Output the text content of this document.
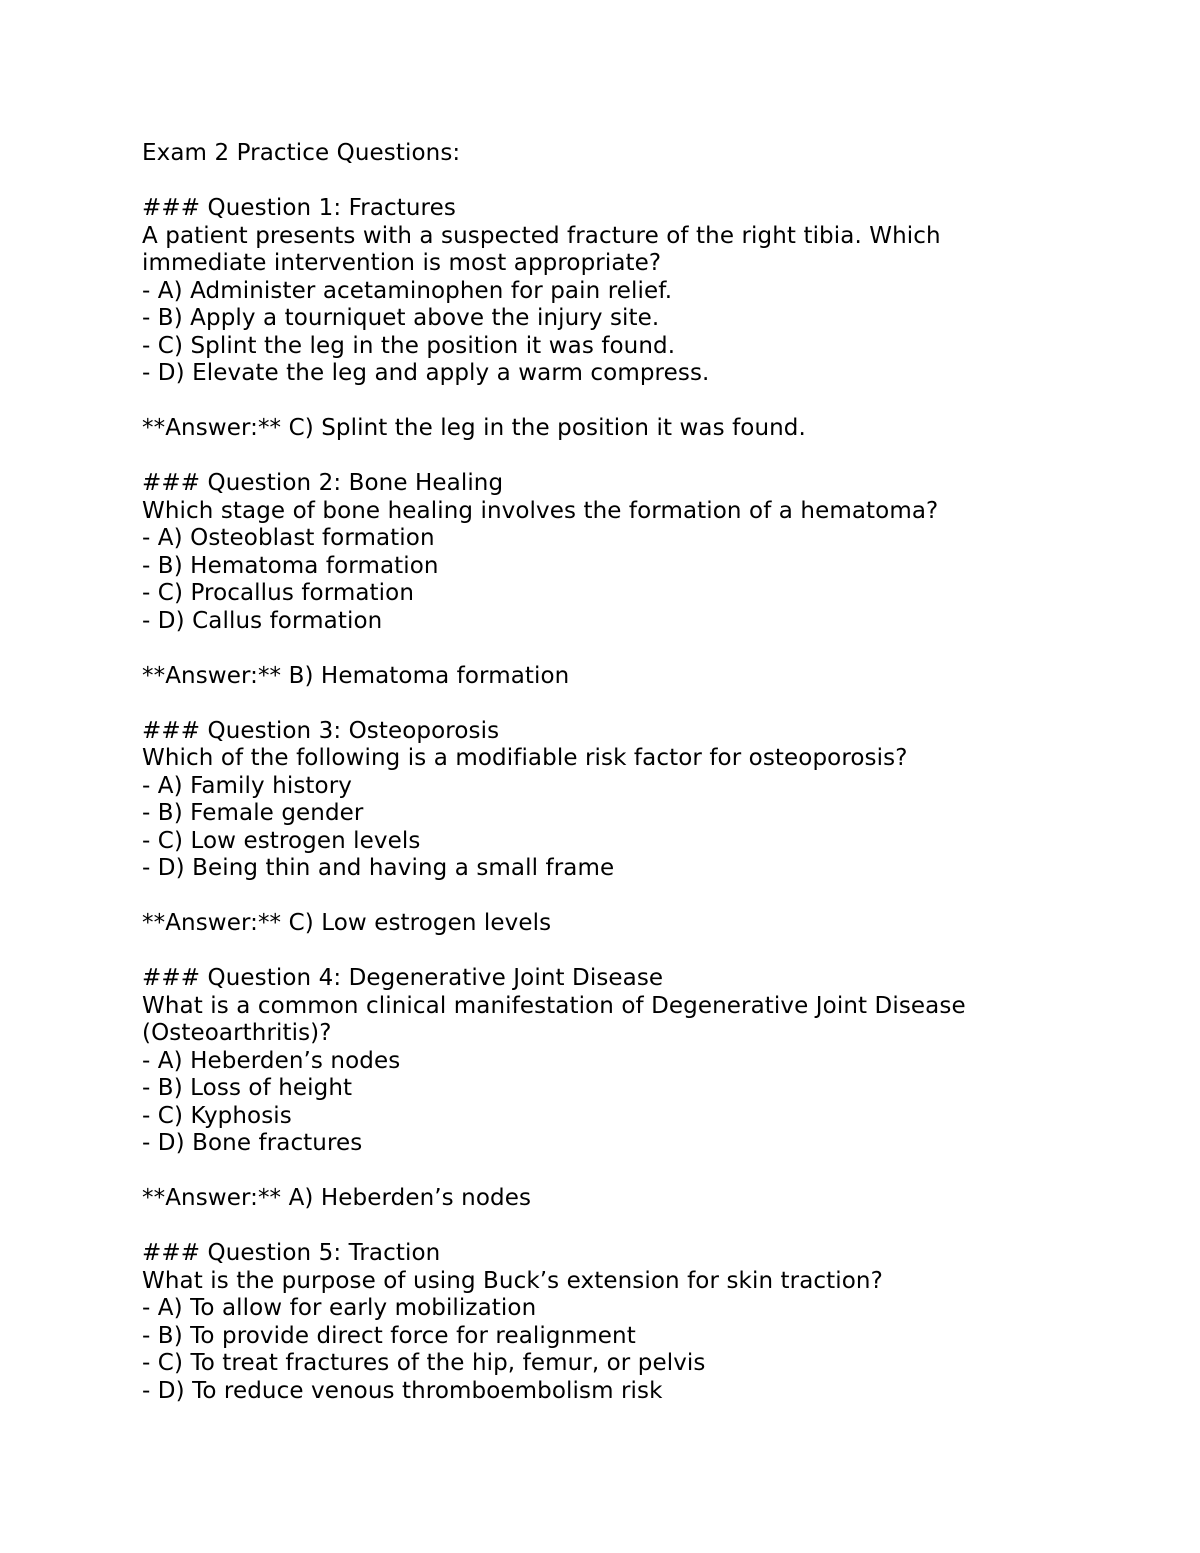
Exam 2 Practice Questions:
### Question 1: Fractures
A patient presents with a suspected fracture of the right tibia. Which
immediate intervention is most appropriate?
- A) Administer acetaminophen for pain relief.
- B) Apply a tourniquet above the injury site.
- C) Splint the leg in the position it was found.
- D) Elevate the leg and apply a warm compress.
**Answer:** C) Splint the leg in the position it was found.
### Question 2: Bone Healing
Which stage of bone healing involves the formation of a hematoma?
- A) Osteoblast formation
- B) Hematoma formation
- C) Procallus formation
- D) Callus formation
**Answer:** B) Hematoma formation
### Question 3: Osteoporosis
Which of the following is a modifiable risk factor for osteoporosis?
- A) Family history
- B) Female gender
- C) Low estrogen levels
- D) Being thin and having a small frame
**Answer:** C) Low estrogen levels
### Question 4: Degenerative Joint Disease
What is a common clinical manifestation of Degenerative Joint Disease
(Osteoarthritis)?
- A) Heberden’s nodes
- B) Loss of height
- C) Kyphosis
- D) Bone fractures
**Answer:** A) Heberden’s nodes
### Question 5: Traction
What is the purpose of using Buck’s extension for skin traction?
- A) To allow for early mobilization
- B) To provide direct force for realignment
- C) To treat fractures of the hip, femur, or pelvis
- D) To reduce venous thromboembolism risk
